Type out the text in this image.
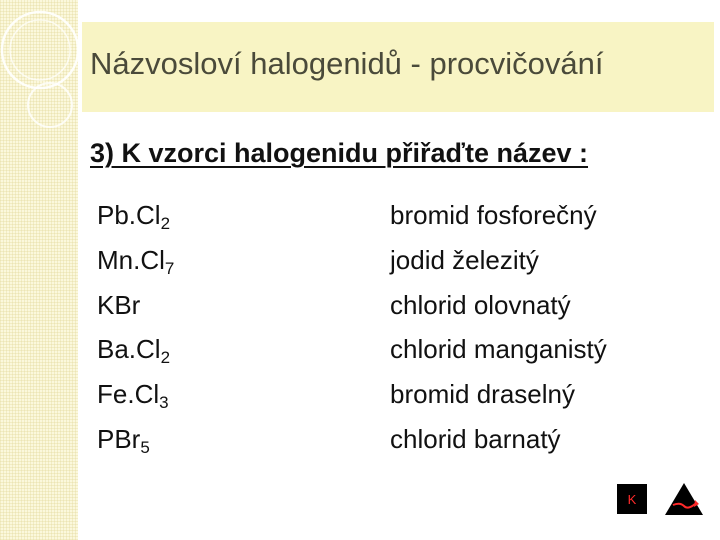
Názvosloví halogenidů - procvičování
3) K vzorci halogenidu přiřaďte název :
$Pb.Cl_2$
$Mn.Cl_7$
KBr
$Ba.Cl_2$
$Fe.Cl_3$
PBr$_5$
bromid fosforečný
jodid železitý
chlorid olovnatý
chlorid manganistý
bromid draselný
chlorid barnatý
K
